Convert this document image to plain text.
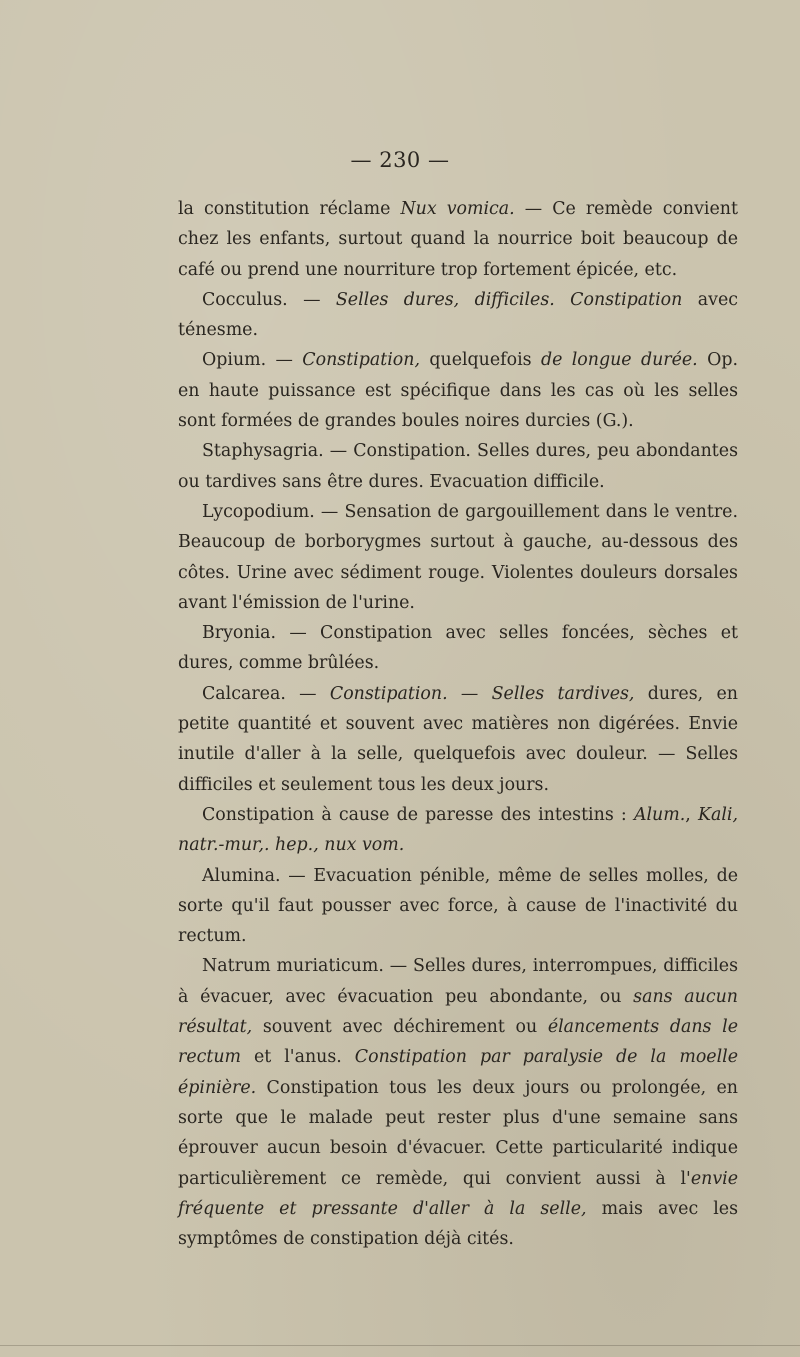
— 230 —

la constitution réclame Nux vomica. — Ce remède convient chez les enfants, surtout quand la nourrice boit beaucoup de café ou prend une nourriture trop fortement épicée, etc.

Cocculus. — Selles dures, difficiles. Constipation avec ténesme.

Opium. — Constipation, quelquefois de longue durée. Op. en haute puissance est spécifique dans les cas où les selles sont formées de grandes boules noires durcies (G.).

Staphysagria. — Constipation. Selles dures, peu abondantes ou tardives sans être dures. Evacuation difficile.

Lycopodium. — Sensation de gargouillement dans le ventre. Beaucoup de borborygmes surtout à gauche, au-dessous des côtes. Urine avec sédiment rouge. Violentes douleurs dorsales avant l'émission de l'urine.

Bryonia. — Constipation avec selles foncées, sèches et dures, comme brûlées.

Calcarea. — Constipation. — Selles tardives, dures, en petite quantité et souvent avec matières non digérées. Envie inutile d'aller à la selle, quelquefois avec douleur. — Selles difficiles et seulement tous les deux jours.

Constipation à cause de paresse des intestins : Alum., Kali, natr.-mur,. hep., nux vom.

Alumina. — Evacuation pénible, même de selles molles, de sorte qu'il faut pousser avec force, à cause de l'inactivité du rectum.

Natrum muriaticum. — Selles dures, interrompues, difficiles à évacuer, avec évacuation peu abondante, ou sans aucun résultat, souvent avec déchirement ou élancements dans le rectum et l'anus. Constipation par paralysie de la moelle épinière. Constipation tous les deux jours ou prolongée, en sorte que le malade peut rester plus d'une semaine sans éprouver aucun besoin d'évacuer. Cette particularité indique particulièrement ce remède, qui convient aussi à l'envie fréquente et pressante d'aller à la selle, mais avec les symptômes de constipation déjà cités.
